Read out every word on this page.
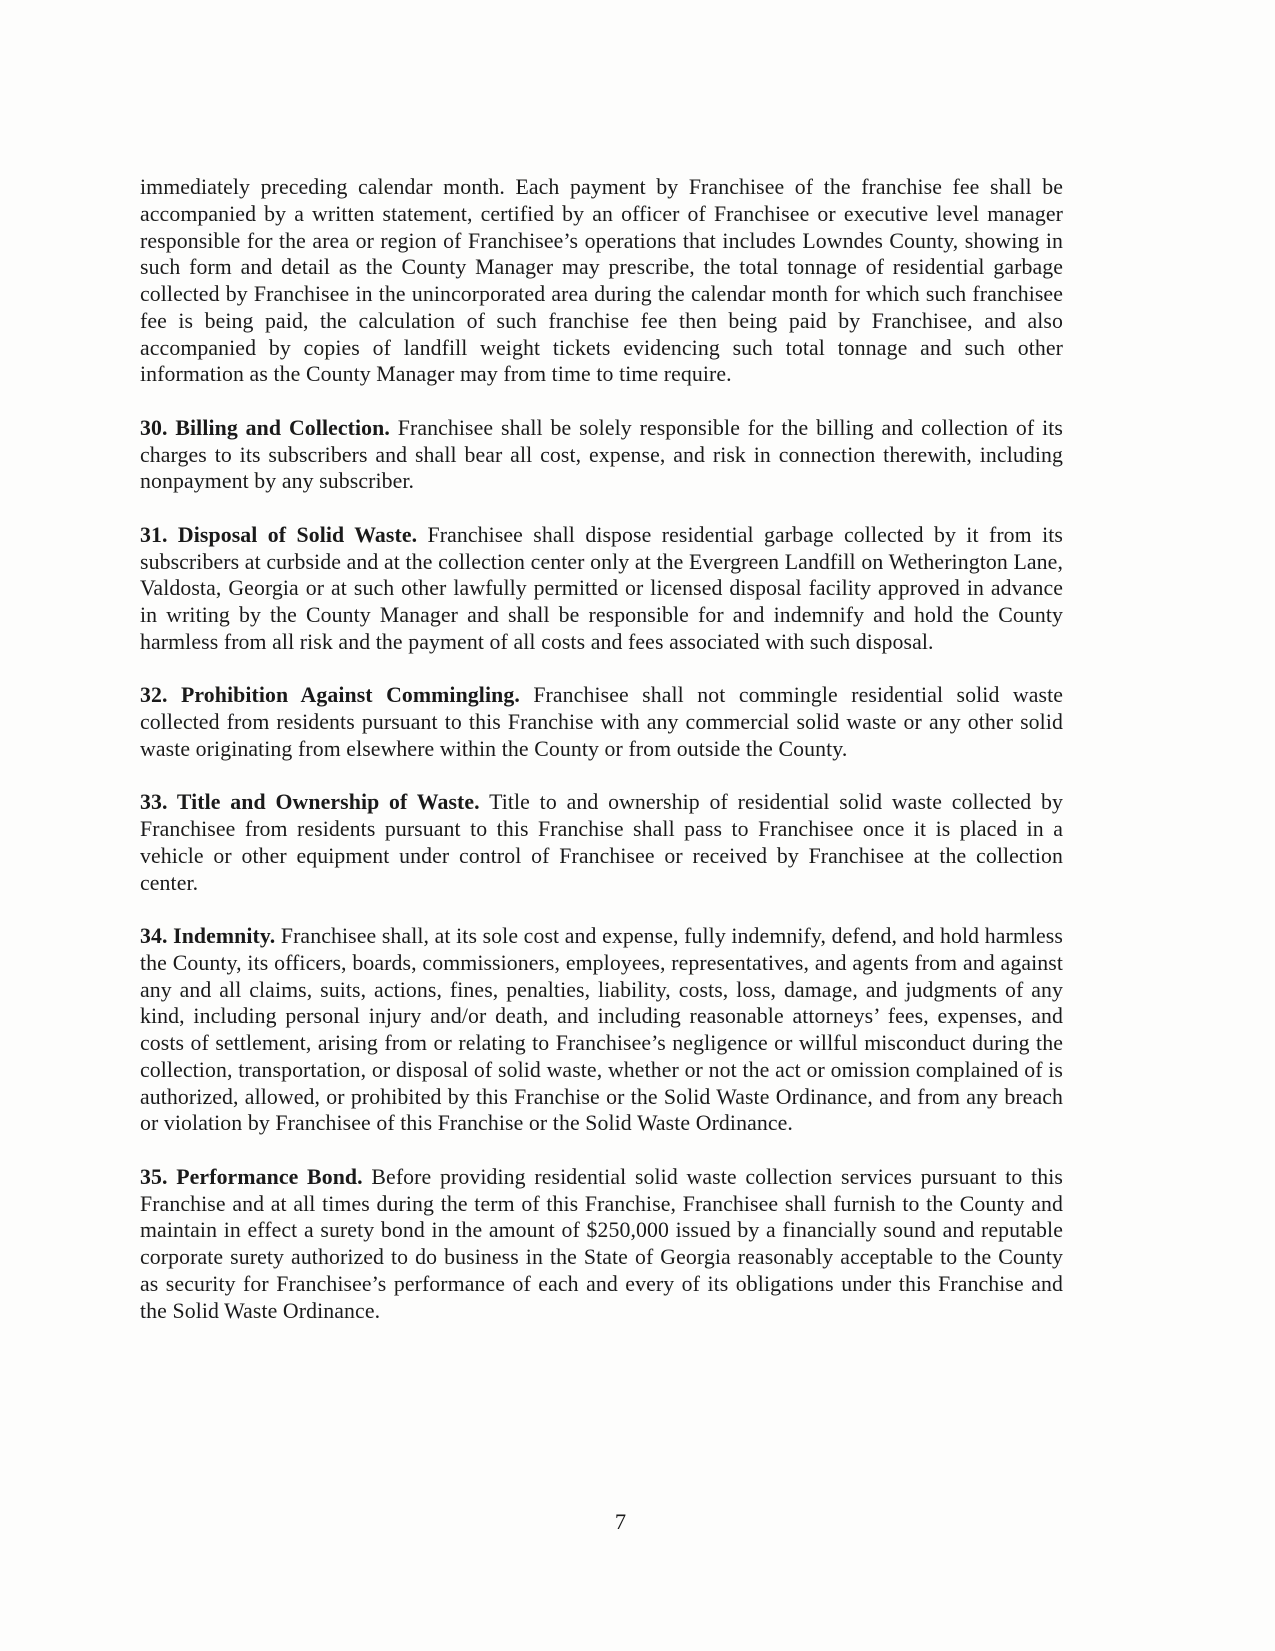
immediately preceding calendar month. Each payment by Franchisee of the franchise fee shall be accompanied by a written statement, certified by an officer of Franchisee or executive level manager responsible for the area or region of Franchisee’s operations that includes Lowndes County, showing in such form and detail as the County Manager may prescribe, the total tonnage of residential garbage collected by Franchisee in the unincorporated area during the calendar month for which such franchisee fee is being paid, the calculation of such franchise fee then being paid by Franchisee, and also accompanied by copies of landfill weight tickets evidencing such total tonnage and such other information as the County Manager may from time to time require.

30. Billing and Collection. Franchisee shall be solely responsible for the billing and collection of its charges to its subscribers and shall bear all cost, expense, and risk in connection therewith, including nonpayment by any subscriber.

31. Disposal of Solid Waste. Franchisee shall dispose residential garbage collected by it from its subscribers at curbside and at the collection center only at the Evergreen Landfill on Wetherington Lane, Valdosta, Georgia or at such other lawfully permitted or licensed disposal facility approved in advance in writing by the County Manager and shall be responsible for and indemnify and hold the County harmless from all risk and the payment of all costs and fees associated with such disposal.

32. Prohibition Against Commingling. Franchisee shall not commingle residential solid waste collected from residents pursuant to this Franchise with any commercial solid waste or any other solid waste originating from elsewhere within the County or from outside the County.

33. Title and Ownership of Waste. Title to and ownership of residential solid waste collected by Franchisee from residents pursuant to this Franchise shall pass to Franchisee once it is placed in a vehicle or other equipment under control of Franchisee or received by Franchisee at the collection center.

34. Indemnity. Franchisee shall, at its sole cost and expense, fully indemnify, defend, and hold harmless the County, its officers, boards, commissioners, employees, representatives, and agents from and against any and all claims, suits, actions, fines, penalties, liability, costs, loss, damage, and judgments of any kind, including personal injury and/or death, and including reasonable attorneys’ fees, expenses, and costs of settlement, arising from or relating to Franchisee’s negligence or willful misconduct during the collection, transportation, or disposal of solid waste, whether or not the act or omission complained of is authorized, allowed, or prohibited by this Franchise or the Solid Waste Ordinance, and from any breach or violation by Franchisee of this Franchise or the Solid Waste Ordinance.

35. Performance Bond. Before providing residential solid waste collection services pursuant to this Franchise and at all times during the term of this Franchise, Franchisee shall furnish to the County and maintain in effect a surety bond in the amount of $250,000 issued by a financially sound and reputable corporate surety authorized to do business in the State of Georgia reasonably acceptable to the County as security for Franchisee’s performance of each and every of its obligations under this Franchise and the Solid Waste Ordinance.

7
